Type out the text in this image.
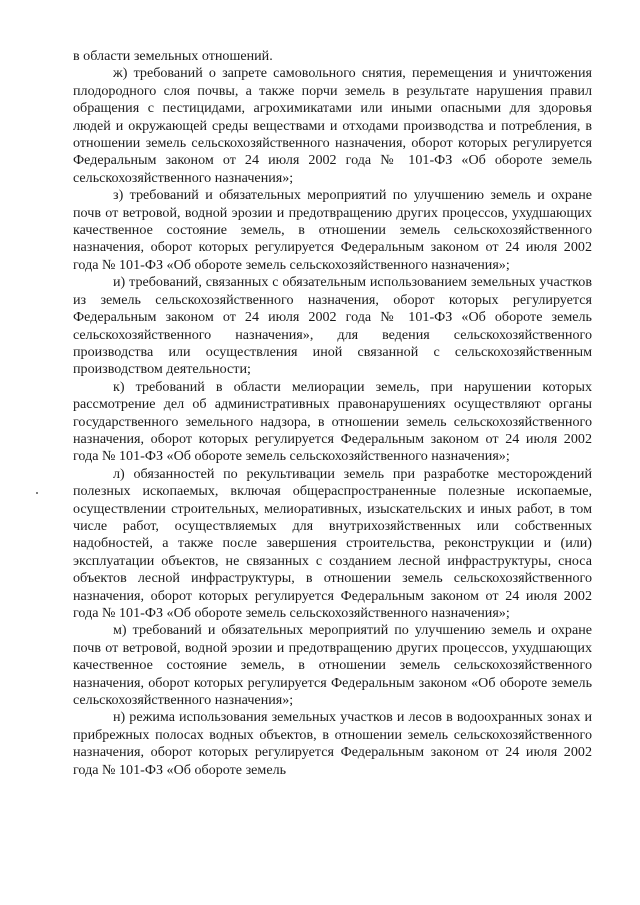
в области земельных отношений.

ж) требований о запрете самовольного снятия, перемещения и уничтожения плодородного слоя почвы, а также порчи земель в результате нарушения правил обращения с пестицидами, агрохимикатами или иными опасными для здоровья людей и окружающей среды веществами и отходами производства и потребления, в отношении земель сельскохозяйственного назначения, оборот которых регулируется Федеральным законом от 24 июля 2002 года № 101-ФЗ «Об обороте земель сельскохозяйственного назначения»;

з) требований и обязательных мероприятий по улучшению земель и охране почв от ветровой, водной эрозии и предотвращению других процессов, ухудшающих качественное состояние земель, в отношении земель сельскохозяйственного назначения, оборот которых регулируется Федеральным законом от 24 июля 2002 года № 101-ФЗ «Об обороте земель сельскохозяйственного назначения»;

и) требований, связанных с обязательным использованием земельных участков из земель сельскохозяйственного назначения, оборот которых регулируется Федеральным законом от 24 июля 2002 года № 101-ФЗ «Об обороте земель сельскохозяйственного назначения», для ведения сельскохозяйственного производства или осуществления иной связанной с сельскохозяйственным производством деятельности;

к) требований в области мелиорации земель, при нарушении которых рассмотрение дел об административных правонарушениях осуществляют органы государственного земельного надзора, в отношении земель сельскохозяйственного назначения, оборот которых регулируется Федеральным законом от 24 июля 2002 года № 101-ФЗ «Об обороте земель сельскохозяйственного назначения»;

л) обязанностей по рекультивации земель при разработке месторождений полезных ископаемых, включая общераспространенные полезные ископаемые, осуществлении строительных, мелиоративных, изыскательских и иных работ, в том числе работ, осуществляемых для внутрихозяйственных или собственных надобностей, а также после завершения строительства, реконструкции и (или) эксплуатации объектов, не связанных с созданием лесной инфраструктуры, сноса объектов лесной инфраструктуры, в отношении земель сельскохозяйственного назначения, оборот которых регулируется Федеральным законом от 24 июля 2002 года № 101-ФЗ «Об обороте земель сельскохозяйственного назначения»;

м) требований и обязательных мероприятий по улучшению земель и охране почв от ветровой, водной эрозии и предотвращению других процессов, ухудшающих качественное состояние земель, в отношении земель сельскохозяйственного назначения, оборот которых регулируется Федеральным законом «Об обороте земель сельскохозяйственного назначения»;

н) режима использования земельных участков и лесов в водоохранных зонах и прибрежных полосах водных объектов, в отношении земель сельскохозяйственного назначения, оборот которых регулируется Федеральным законом от 24 июля 2002 года № 101-ФЗ «Об обороте земель
